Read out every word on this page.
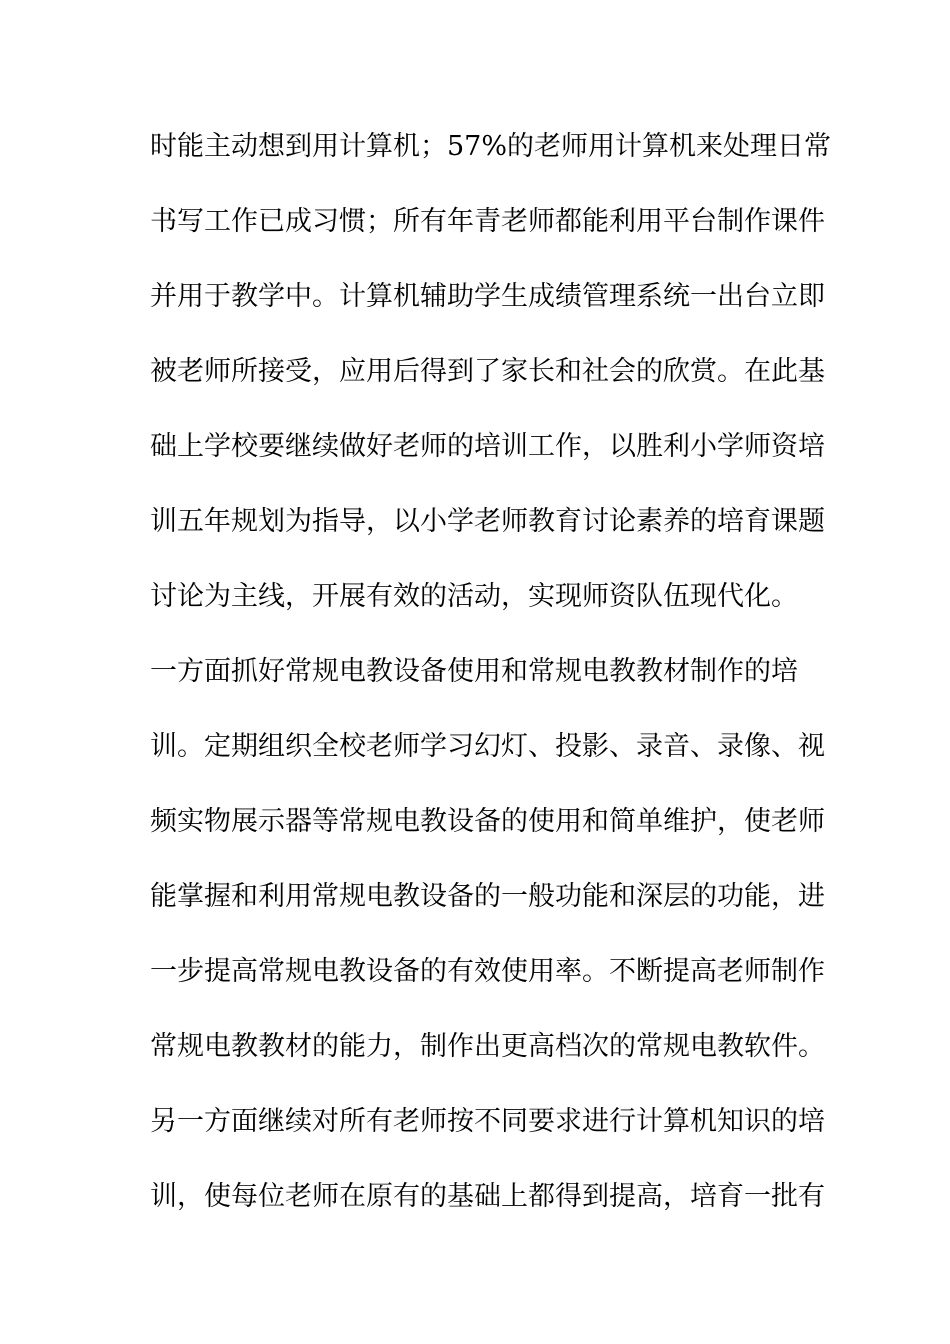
时能主动想到用计算机；57%的老师用计算机来处理日常
书写工作已成习惯；所有年青老师都能利用平台制作课件
并用于教学中。计算机辅助学生成绩管理系统一出台立即
被老师所接受，应用后得到了家长和社会的欣赏。在此基
础上学校要继续做好老师的培训工作，以胜利小学师资培
训五年规划为指导，以小学老师教育讨论素养的培育课题
讨论为主线，开展有效的活动，实现师资队伍现代化。
一方面抓好常规电教设备使用和常规电教教材制作的培
训。定期组织全校老师学习幻灯、投影、录音、录像、视
频实物展示器等常规电教设备的使用和简单维护，使老师
能掌握和利用常规电教设备的一般功能和深层的功能，进
一步提高常规电教设备的有效使用率。不断提高老师制作
常规电教教材的能力，制作出更高档次的常规电教软件。
另一方面继续对所有老师按不同要求进行计算机知识的培
训，使每位老师在原有的基础上都得到提高，培育一批有
